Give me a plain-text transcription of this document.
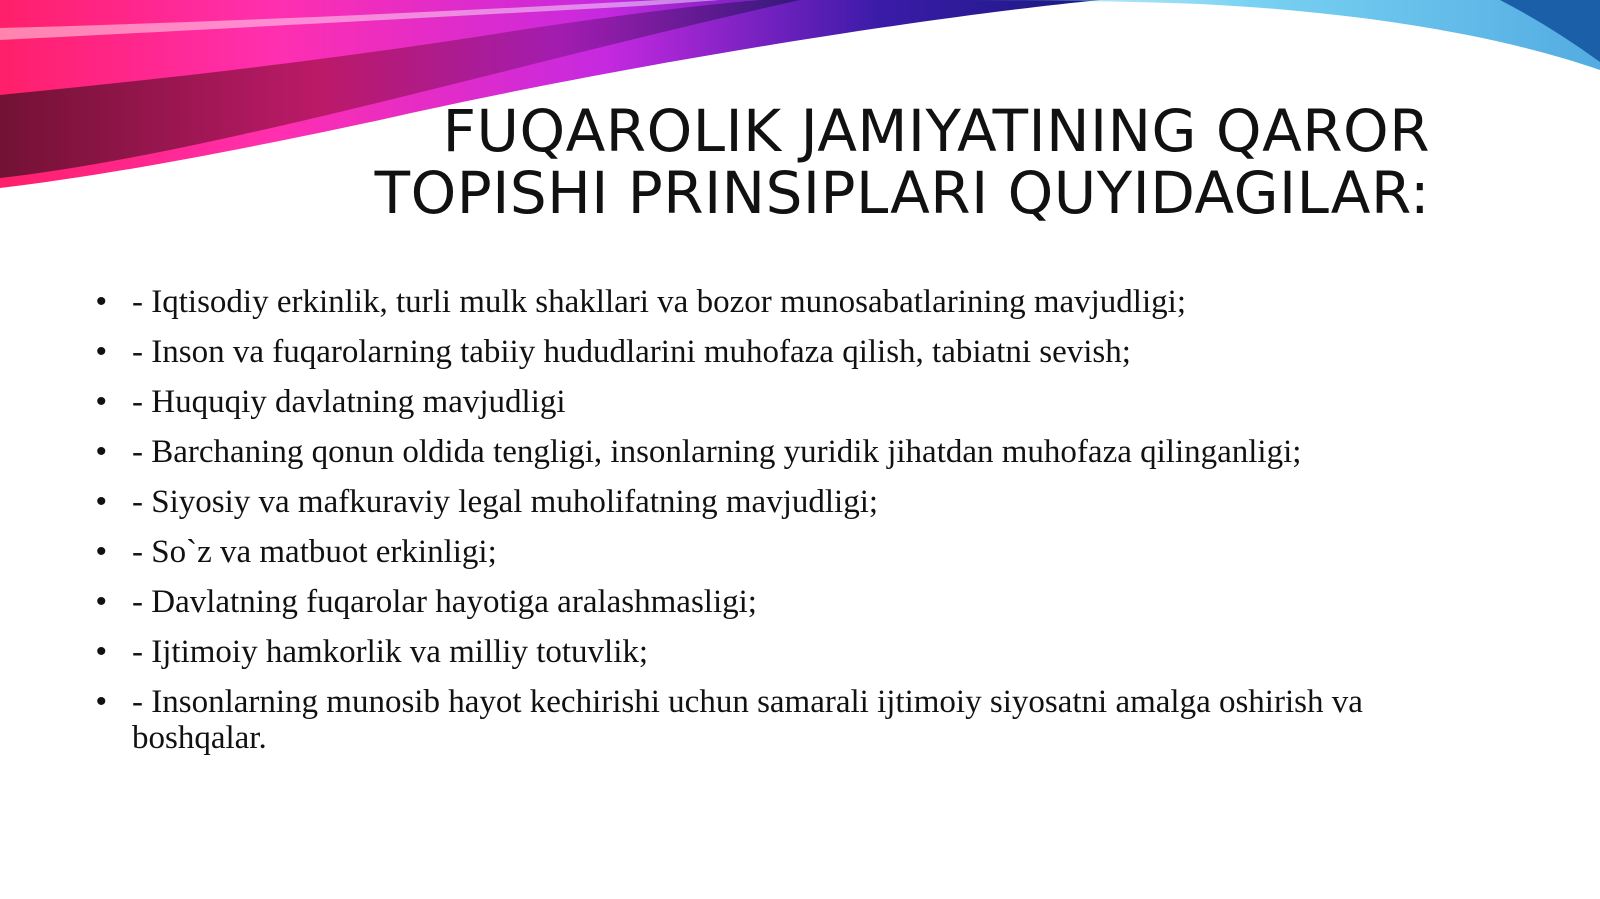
FUQAROLIK JAMIYATINING QAROR
TOPISHI PRINSIPLARI QUYIDAGILAR:
• - Iqtisodiy erkinlik, turli mulk shakllari va bozor munosabatlarining mavjudligi;
• - Inson va fuqarolarning tabiiy hududlarini muhofaza qilish, tabiatni sevish;
• - Huquqiy davlatning mavjudligi
• - Barchaning qonun oldida tengligi, insonlarning yuridik jihatdan muhofaza qilinganligi;
• - Siyosiy va mafkuraviy legal muholifatning mavjudligi;
• - So`z va matbuot erkinligi;
• - Davlatning fuqarolar hayotiga aralashmasligi;
• - Ijtimoiy hamkorlik va milliy totuvlik;
• - Insonlarning munosib hayot kechirishi uchun samarali ijtimoiy siyosatni amalga oshirish va boshqalar.
